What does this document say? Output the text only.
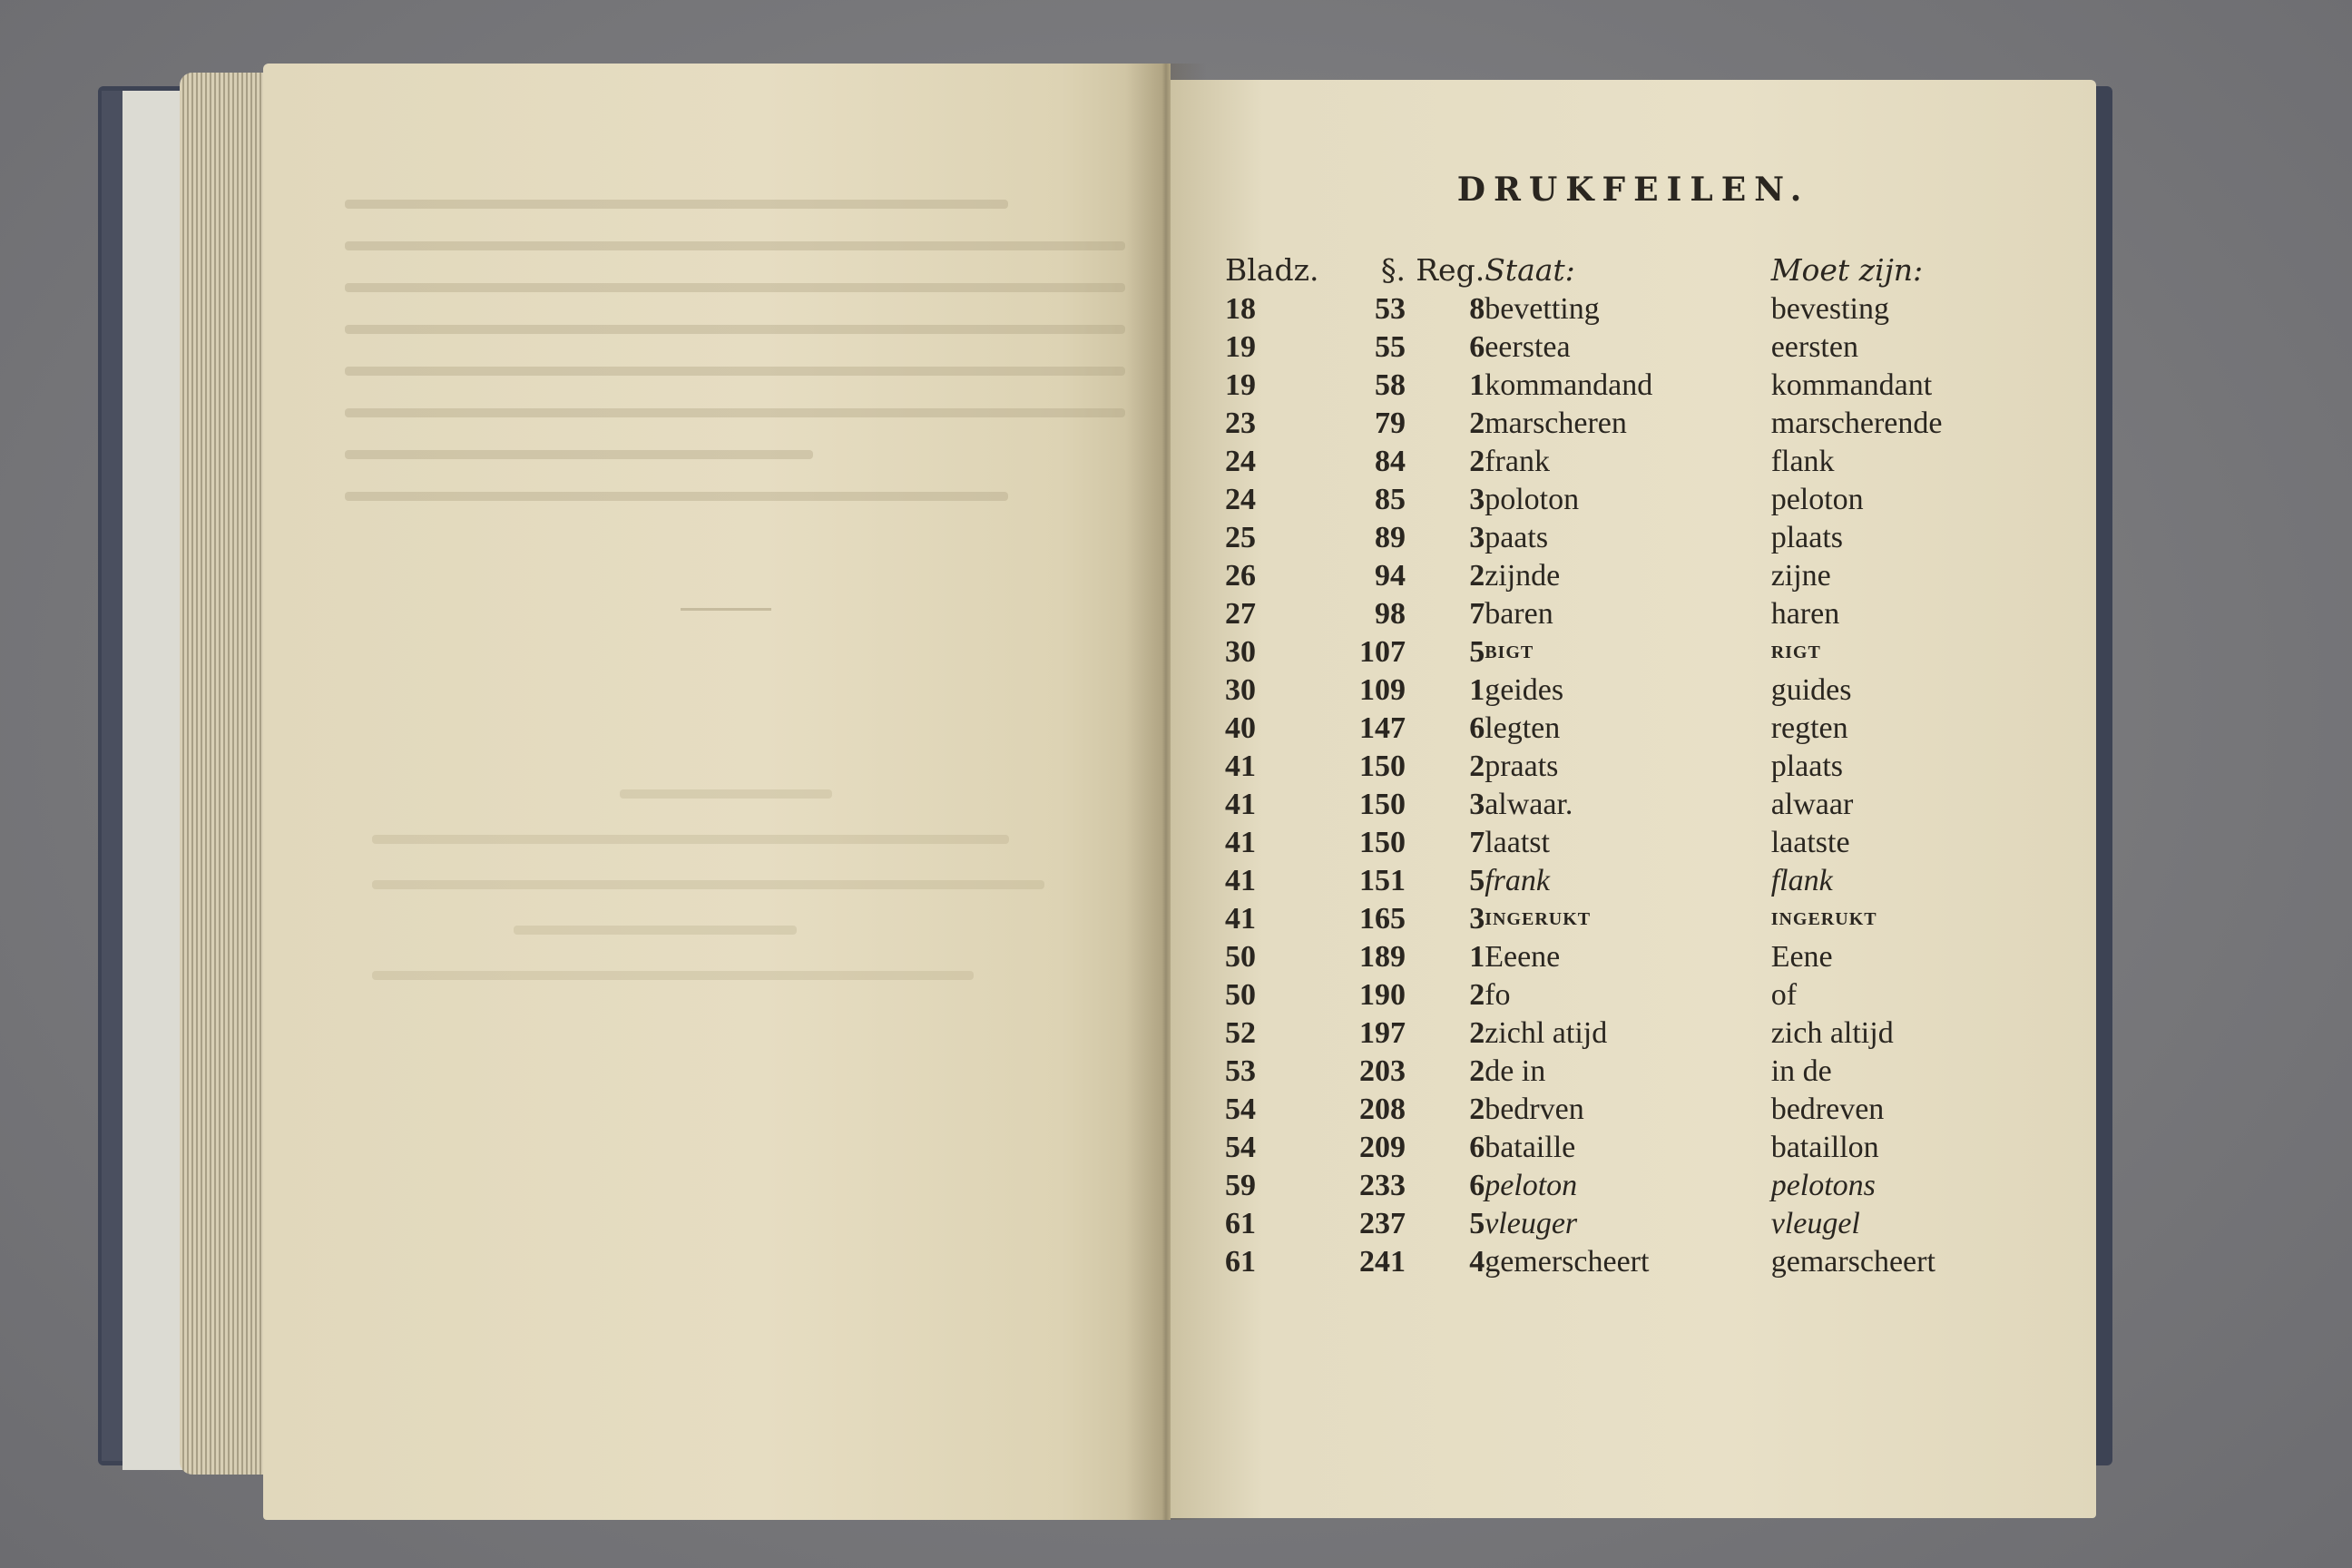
DRUKFEILEN.
Bladz.	§.	Reg.	Staat:	Moet zijn:
18	53	8	bevetting	bevesting
19	55	6	eerstea	eersten
19	58	1	kommandand	kommandant
23	79	2	marscheren	marscherende
24	84	2	frank	flank
24	85	3	poloton	peloton
25	89	3	paats	plaats
26	94	2	zijnde	zijne
27	98	7	baren	haren
30	107	5	BIGT	RIGT
30	109	1	geides	guides
40	147	6	legten	regten
41	150	2	praats	plaats
41	150	3	alwaar.	alwaar
41	150	7	laatst	laatste
41	151	5	frank	flank
41	165	3	INGERUKT	INGERUKT
50	189	1	Eeene	Eene
50	190	2	fo	of
52	197	2	zichl atijd	zich altijd
53	203	2	de in	in de
54	208	2	bedrven	bedreven
54	209	6	bataille	bataillon
59	233	6	peloton	pelotons
61	237	5	vleuger	vleugel
61	241	4	gemerscheert	gemarscheert
